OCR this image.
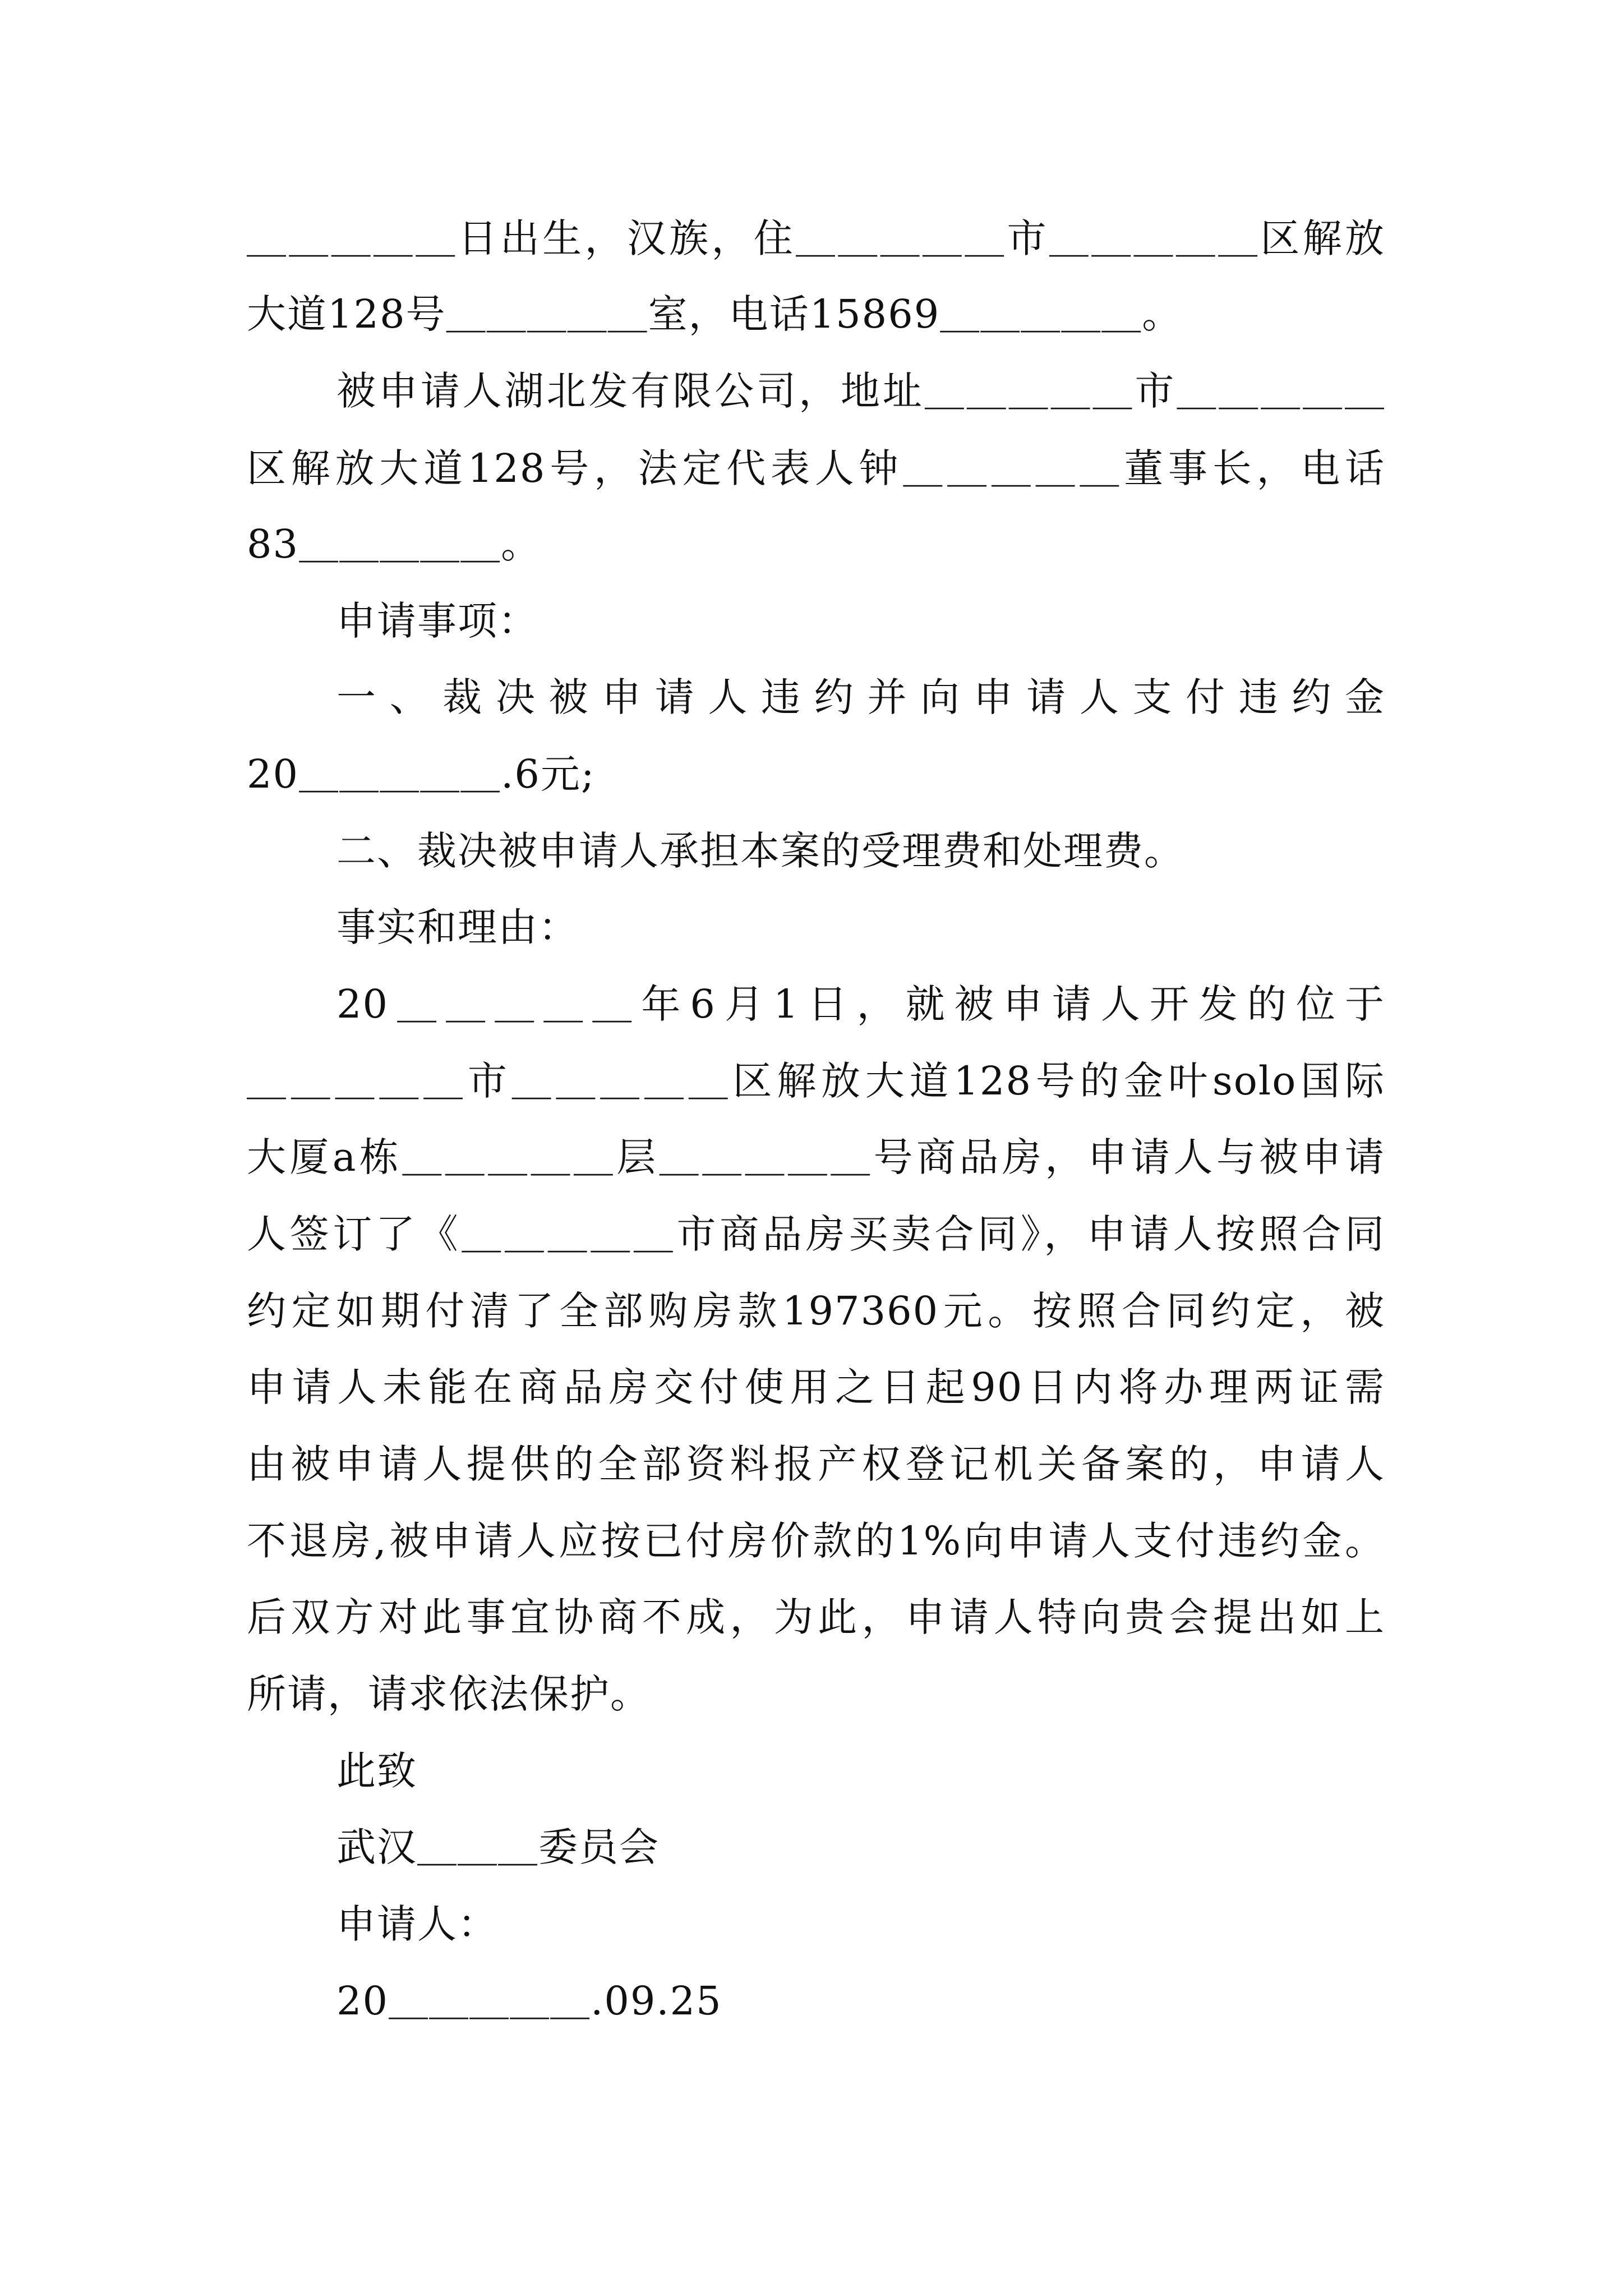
＿＿＿＿＿日出生，汉族，住＿＿＿＿＿市＿＿＿＿＿区解放
大道128号＿＿＿＿＿室，电话15869＿＿＿＿＿。
被申请人湖北发有限公司，地址＿＿＿＿＿市＿＿＿＿＿
区解放大道128号，法定代表人钟＿＿＿＿＿董事长，电话
83＿＿＿＿＿。
申请事项：
一、裁决被申请人违约并向申请人支付违约金
20＿＿＿＿＿.6元;
二、裁决被申请人承担本案的受理费和处理费。
事实和理由：
20＿＿＿＿＿年6月1日，就被申请人开发的位于
＿＿＿＿＿市＿＿＿＿＿区解放大道128号的金叶solo国际
大厦a栋＿＿＿＿＿层＿＿＿＿＿号商品房，申请人与被申请
人签订了《＿＿＿＿＿市商品房买卖合同》，申请人按照合同
约定如期付清了全部购房款197360元。按照合同约定，被
申请人未能在商品房交付使用之日起90日内将办理两证需
由被申请人提供的全部资料报产权登记机关备案的，申请人
不退房,被申请人应按已付房价款的1%向申请人支付违约金。
后双方对此事宜协商不成，为此，申请人特向贵会提出如上
所请，请求依法保护。
此致
武汉＿＿＿委员会
申请人：
20＿＿＿＿＿.09.25
